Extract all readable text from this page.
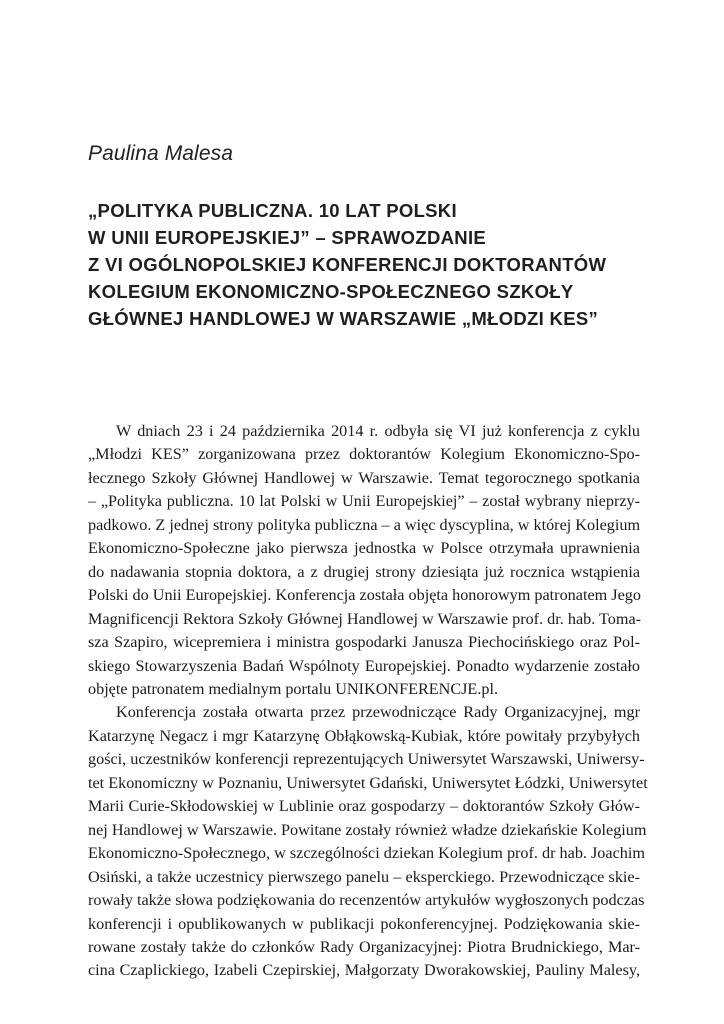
Paulina Malesa
„POLITYKA PUBLICZNA. 10 LAT POLSKI
W UNII EUROPEJSKIEJ” – SPRAWOZDANIE
Z VI OGÓLNOPOLSKIEJ KONFERENCJI DOKTORANTÓW
KOLEGIUM EKONOMICZNO-SPOŁECZNEGO SZKOŁY
GŁÓWNEJ HANDLOWEJ W WARSZAWIE „MŁODZI KES”
W dniach 23 i 24 października 2014 r. odbyła się VI już konferencja z cyklu
„Młodzi KES” zorganizowana przez doktorantów Kolegium Ekonomiczno-Spo-
łecznego Szkoły Głównej Handlowej w Warszawie. Temat tegorocznego spotkania
– „Polityka publiczna. 10 lat Polski w Unii Europejskiej” – został wybrany nieprzy-
padkowo. Z jednej strony polityka publiczna – a więc dyscyplina, w której Kolegium
Ekonomiczno-Społeczne jako pierwsza jednostka w Polsce otrzymała uprawnienia
do nadawania stopnia doktora, a z drugiej strony dziesiąta już rocznica wstąpienia
Polski do Unii Europejskiej. Konferencja została objęta honorowym patronatem Jego
Magnificencji Rektora Szkoły Głównej Handlowej w Warszawie prof. dr. hab. Toma-
sza Szapiro, wicepremiera i ministra gospodarki Janusza Piechocińskiego oraz Pol-
skiego Stowarzyszenia Badań Wspólnoty Europejskiej. Ponadto wydarzenie zostało
objęte patronatem medialnym portalu UNIKONFERENCJE.pl.
Konferencja została otwarta przez przewodniczące Rady Organizacyjnej, mgr
Katarzynę Negacz i mgr Katarzynę Obłąkowską-Kubiak, które powitały przybyłych
gości, uczestników konferencji reprezentujących Uniwersytet Warszawski, Uniwersy-
tet Ekonomiczny w Poznaniu, Uniwersytet Gdański, Uniwersytet Łódzki, Uniwersytet
Marii Curie-Skłodowskiej w Lublinie oraz gospodarzy – doktorantów Szkoły Głów-
nej Handlowej w Warszawie. Powitane zostały również władze dziekańskie Kolegium
Ekonomiczno-Społecznego, w szczególności dziekan Kolegium prof. dr hab. Joachim
Osiński, a także uczestnicy pierwszego panelu – eksperckiego. Przewodniczące skie-
rowały także słowa podziękowania do recenzentów artykułów wygłoszonych podczas
konferencji i opublikowanych w publikacji pokonferencyjnej. Podziękowania skie-
rowane zostały także do członków Rady Organizacyjnej: Piotra Brudnickiego, Mar-
cina Czaplickiego, Izabeli Czepirskiej, Małgorzaty Dworakowskiej, Pauliny Malesy,
